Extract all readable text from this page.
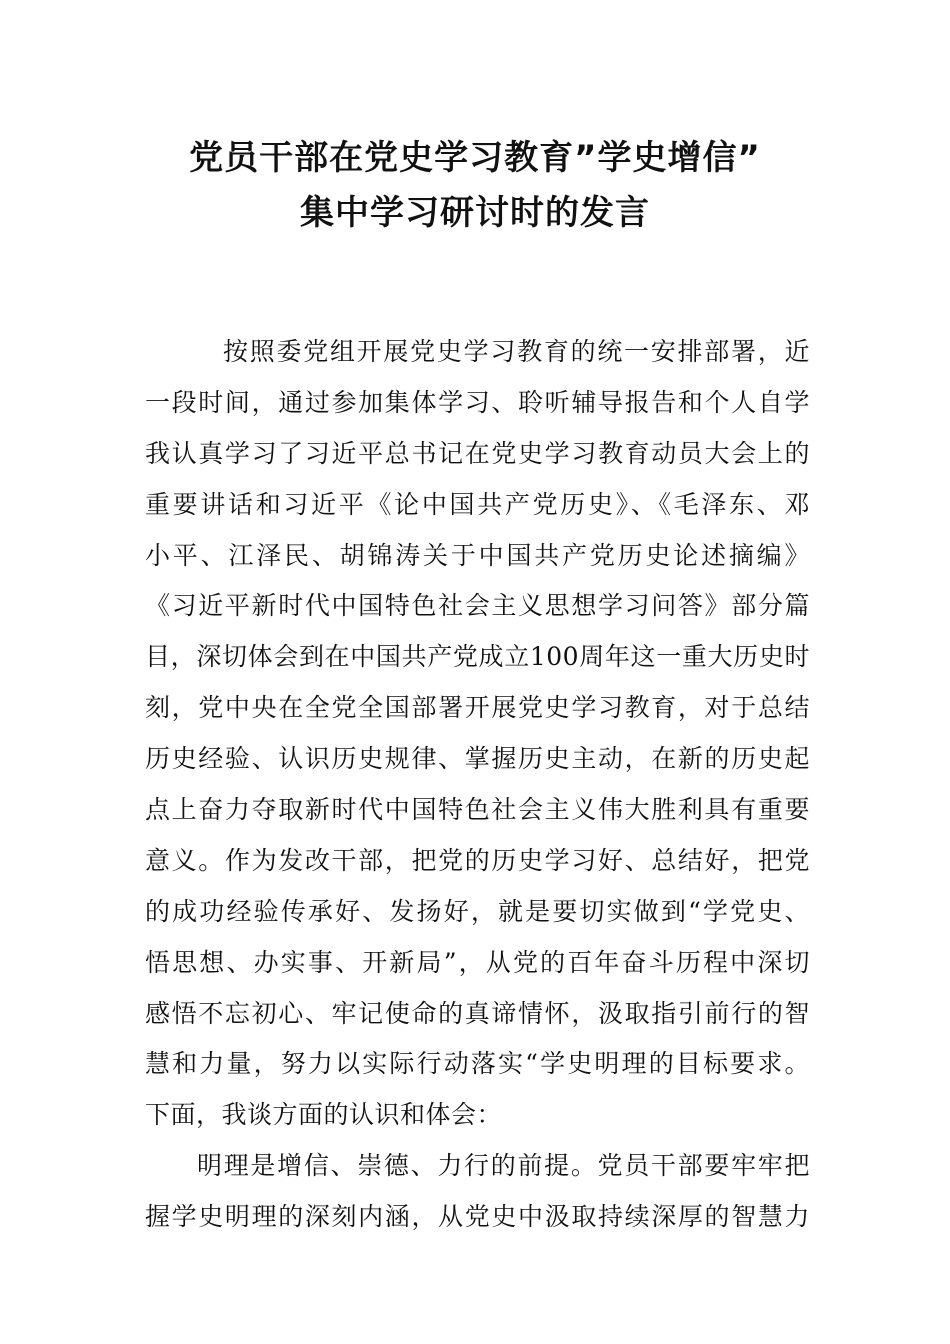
党员干部在党史学习教育”学史增信”
集中学习研讨时的发言
按照委党组开展党史学习教育的统一安排部署，近
一段时间，通过参加集体学习、聆听辅导报告和个人自学
我认真学习了习近平总书记在党史学习教育动员大会上的
重要讲话和习近平《论中国共产党历史》、《毛泽东、邓
小平、江泽民、胡锦涛关于中国共产党历史论述摘编》
《习近平新时代中国特色社会主义思想学习问答》部分篇
目，深切体会到在中国共产党成立100周年这一重大历史时
刻，党中央在全党全国部署开展党史学习教育，对于总结
历史经验、认识历史规律、掌握历史主动，在新的历史起
点上奋力夺取新时代中国特色社会主义伟大胜利具有重要
意义。作为发改干部，把党的历史学习好、总结好，把党
的成功经验传承好、发扬好，就是要切实做到“学党史、
悟思想、办实事、开新局”，从党的百年奋斗历程中深切
感悟不忘初心、牢记使命的真谛情怀，汲取指引前行的智
慧和力量，努力以实际行动落实“学史明理的目标要求。
下面，我谈方面的认识和体会：
明理是增信、崇德、力行的前提。党员干部要牢牢把
握学史明理的深刻内涵，从党史中汲取持续深厚的智慧力
